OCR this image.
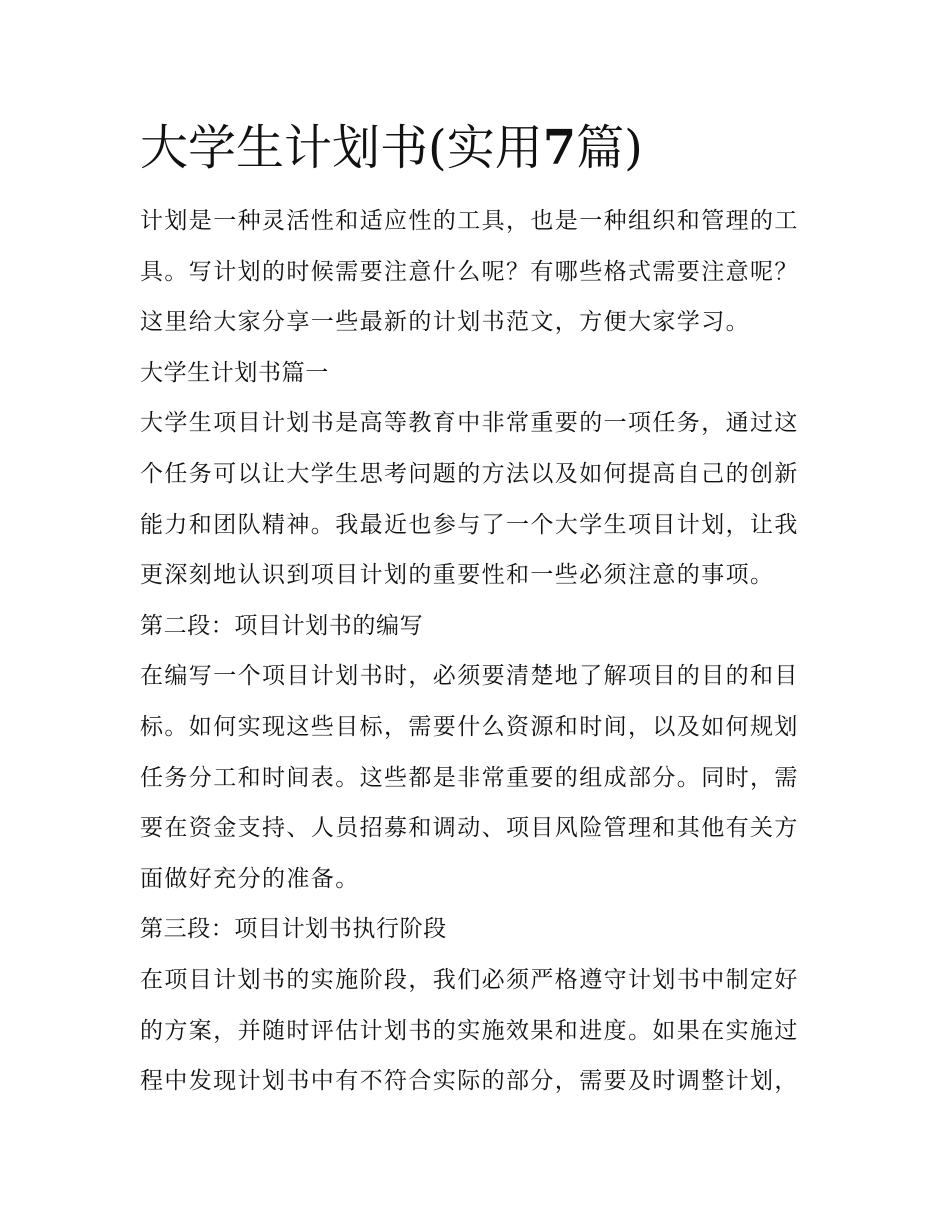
大学生计划书(实用7篇)
计划是一种灵活性和适应性的工具，也是一种组织和管理的工
具。写计划的时候需要注意什么呢？有哪些格式需要注意呢？
这里给大家分享一些最新的计划书范文，方便大家学习。
大学生计划书篇一
大学生项目计划书是高等教育中非常重要的一项任务，通过这
个任务可以让大学生思考问题的方法以及如何提高自己的创新
能力和团队精神。我最近也参与了一个大学生项目计划，让我
更深刻地认识到项目计划的重要性和一些必须注意的事项。
第二段：项目计划书的编写
在编写一个项目计划书时，必须要清楚地了解项目的目的和目
标。如何实现这些目标，需要什么资源和时间，以及如何规划
任务分工和时间表。这些都是非常重要的组成部分。同时，需
要在资金支持、人员招募和调动、项目风险管理和其他有关方
面做好充分的准备。
第三段：项目计划书执行阶段
在项目计划书的实施阶段，我们必须严格遵守计划书中制定好
的方案，并随时评估计划书的实施效果和进度。如果在实施过
程中发现计划书中有不符合实际的部分，需要及时调整计划，
